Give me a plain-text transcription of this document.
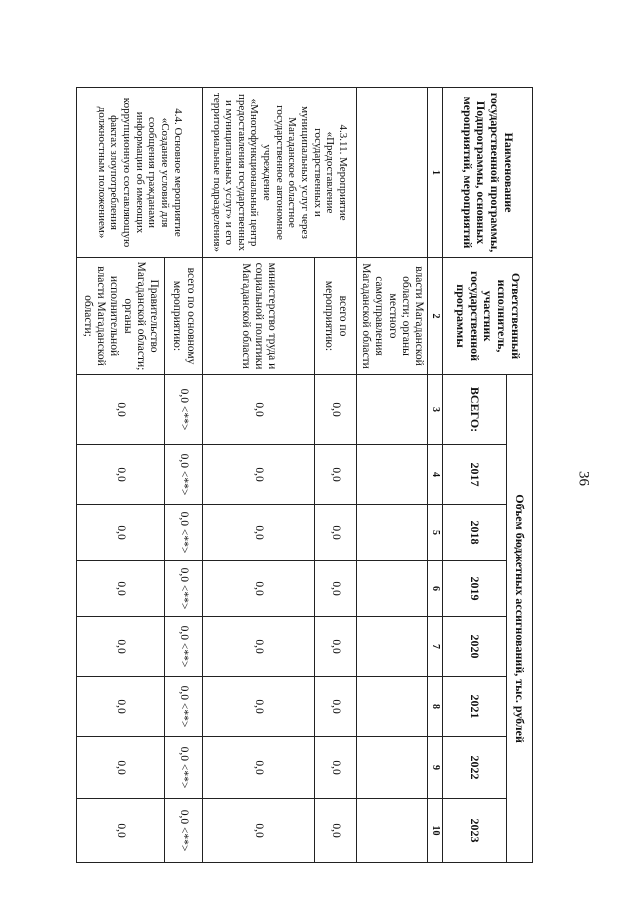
36
Наименование государственной программы, Подпрограммы, основных мероприятий, мероприятий	Ответственный исполнитель, участник государственной программы	Объем бюджетных ассигнований, тыс. рублей							
		ВСЕГО:	2017	2018	2019	2020	2021	2022	2023
1	2	3	4	5	6	7	8	9	10
	власти Магаданской области; органы местного самоуправления Магаданской области								
4.3.11. Мероприятие «Предоставление государственных и муниципальных услуг через Магаданское областное государственное автономное учреждение «Многофункциональный центр предоставления государственных и муниципальных услуг» и его территориальные подразделения»	всего по мероприятию:	0,0	0,0	0,0	0,0	0,0	0,0	0,0	0,0
	министерство труда и социальной политики Магаданской области	0,0	0,0	0,0	0,0	0,0	0,0	0,0	0,0
4.4. Основное мероприятие «Создание условий для сообщения гражданами информации об имеющих коррупционную составляющую фактах злоупотребления должностным положением»	всего по основному мероприятию:	0,0 <**>	0,0 <**>	0,0 <**>	0,0 <**>	0,0 <**>	0,0 <**>	0,0 <**>	0,0 <**>
	Правительство Магаданской области; органы исполнительной власти Магаданской области;	0,0	0,0	0,0	0,0	0,0	0,0	0,0	0,0
